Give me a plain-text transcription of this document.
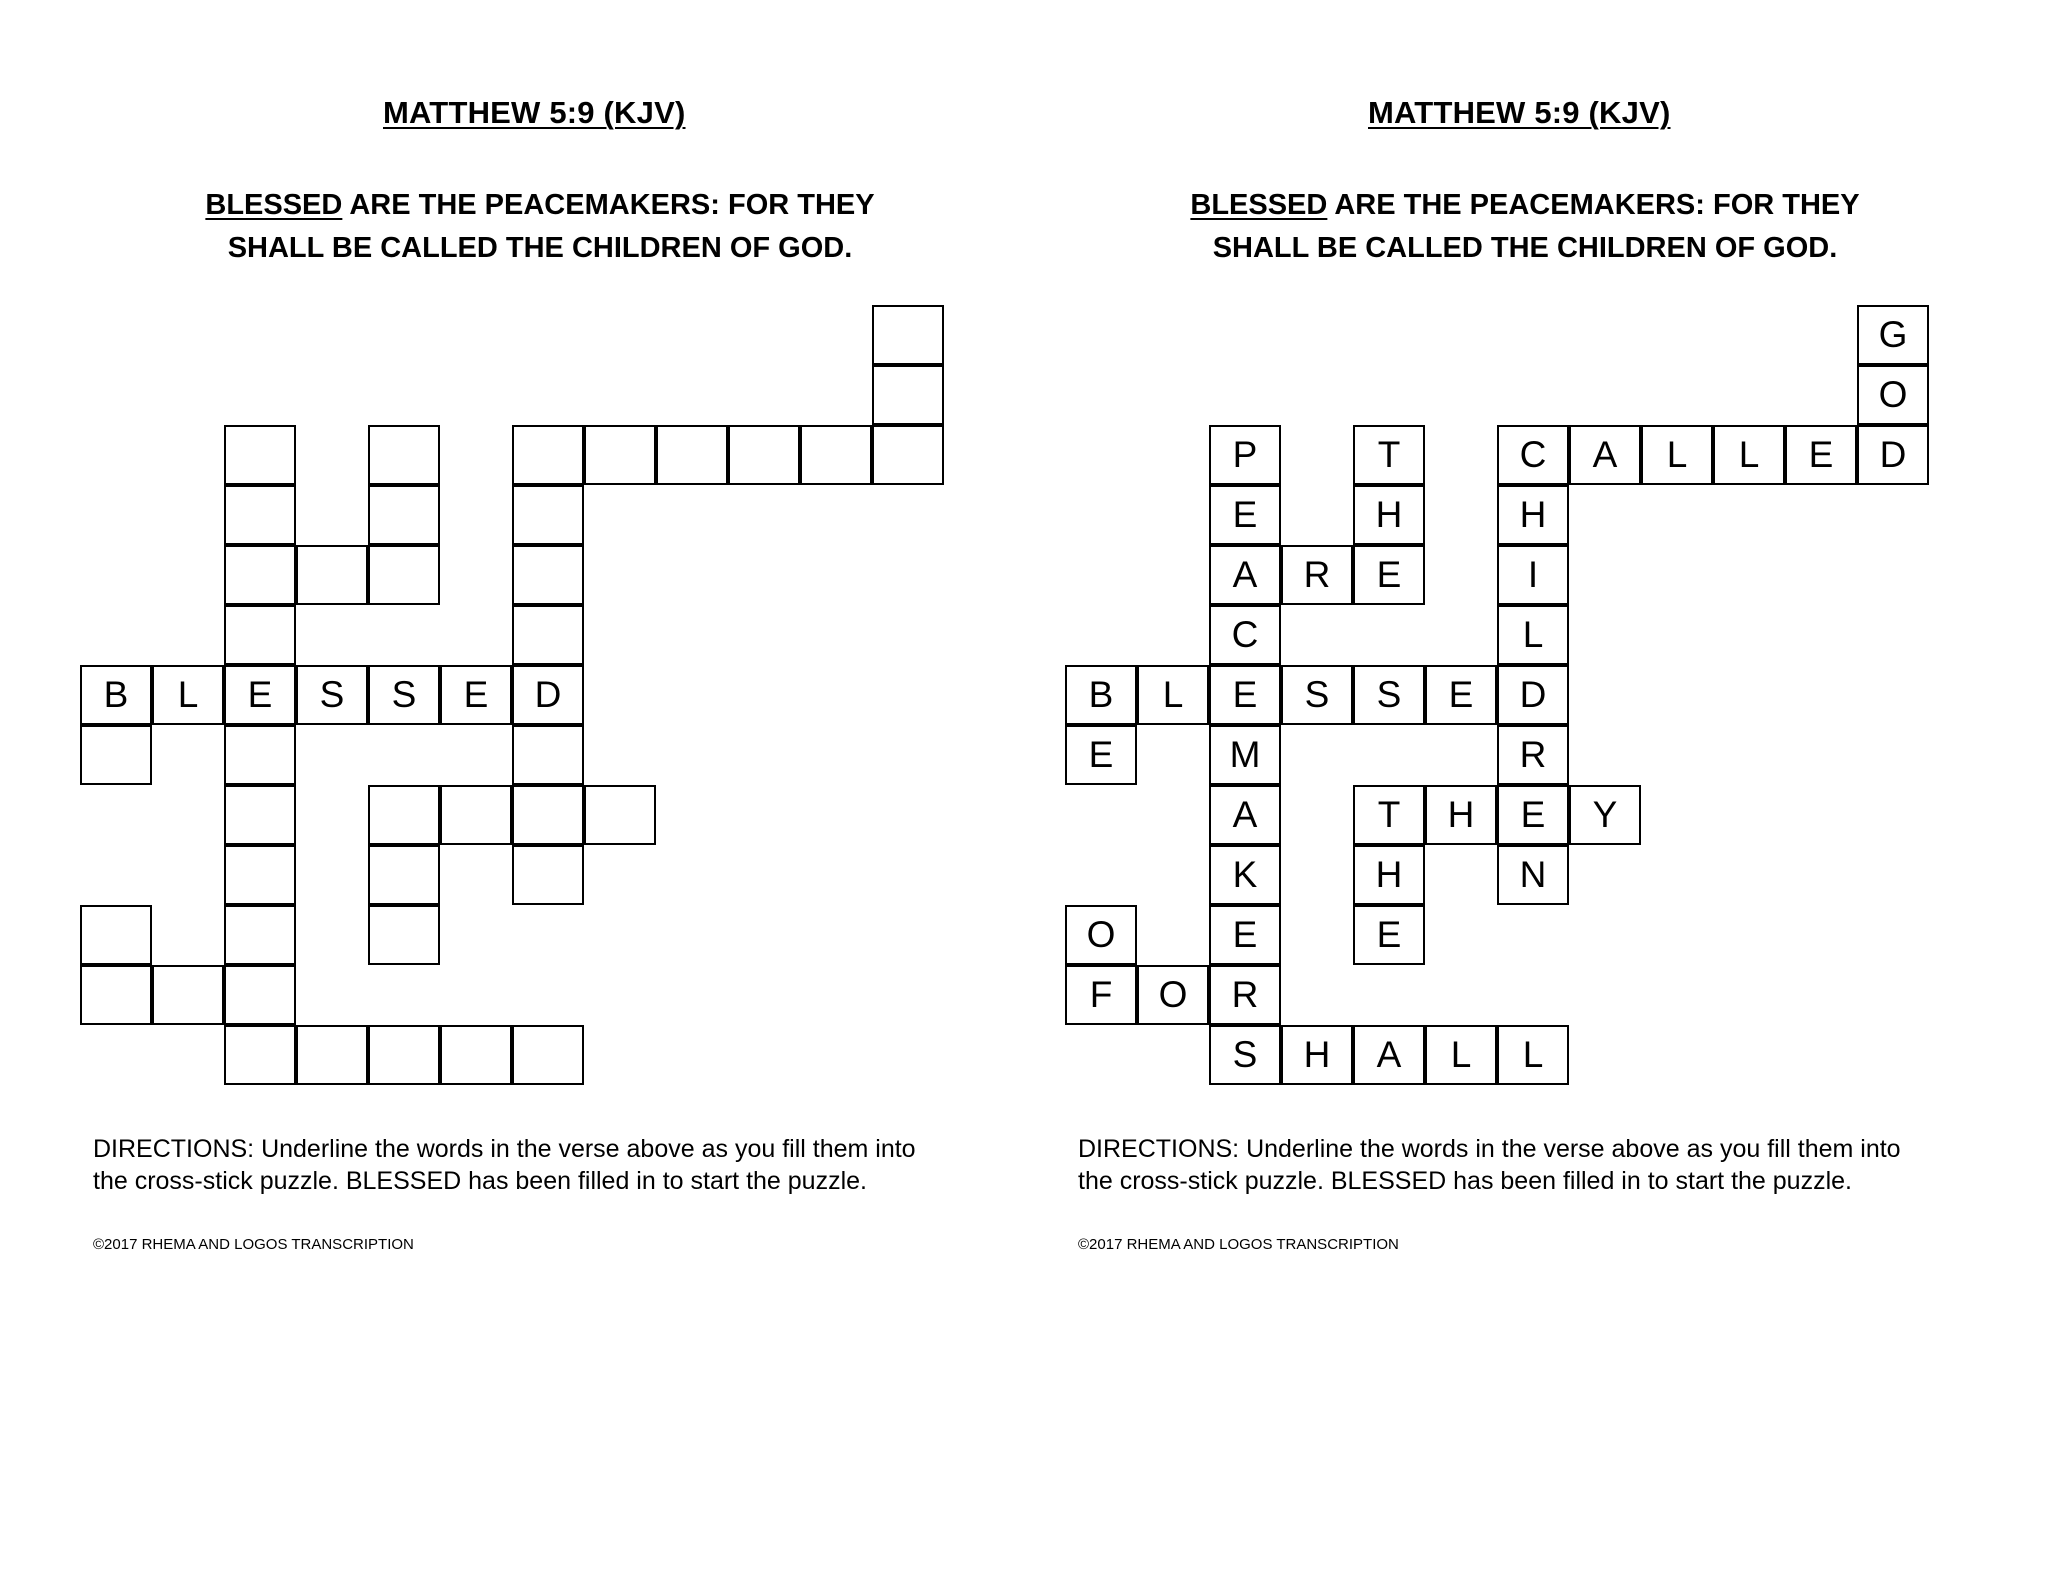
MATTHEW 5:9 (KJV)
BLESSED ARE THE PEACEMAKERS: FOR THEY
SHALL BE CALLED THE CHILDREN OF GOD.
E	D
B	L	S	S	E
DIRECTIONS: Underline the words in the verse above as you fill them into
the cross-stick puzzle. BLESSED has been filled in to start the puzzle.
©2017 RHEMA AND LOGOS TRANSCRIPTION
MATTHEW 5:9 (KJV)
BLESSED ARE THE PEACEMAKERS: FOR THEY
SHALL BE CALLED THE CHILDREN OF GOD.
G
O
D
C	A	L	L	E
P
E
A
C
E
M
A
K
E
R
S
T
H
E
H
I
L
D
R
E
N
R
B	L	S	S	E
E
T	H	Y
H
E
O
F	O
H	A	L	L
DIRECTIONS: Underline the words in the verse above as you fill them into
the cross-stick puzzle. BLESSED has been filled in to start the puzzle.
©2017 RHEMA AND LOGOS TRANSCRIPTION
